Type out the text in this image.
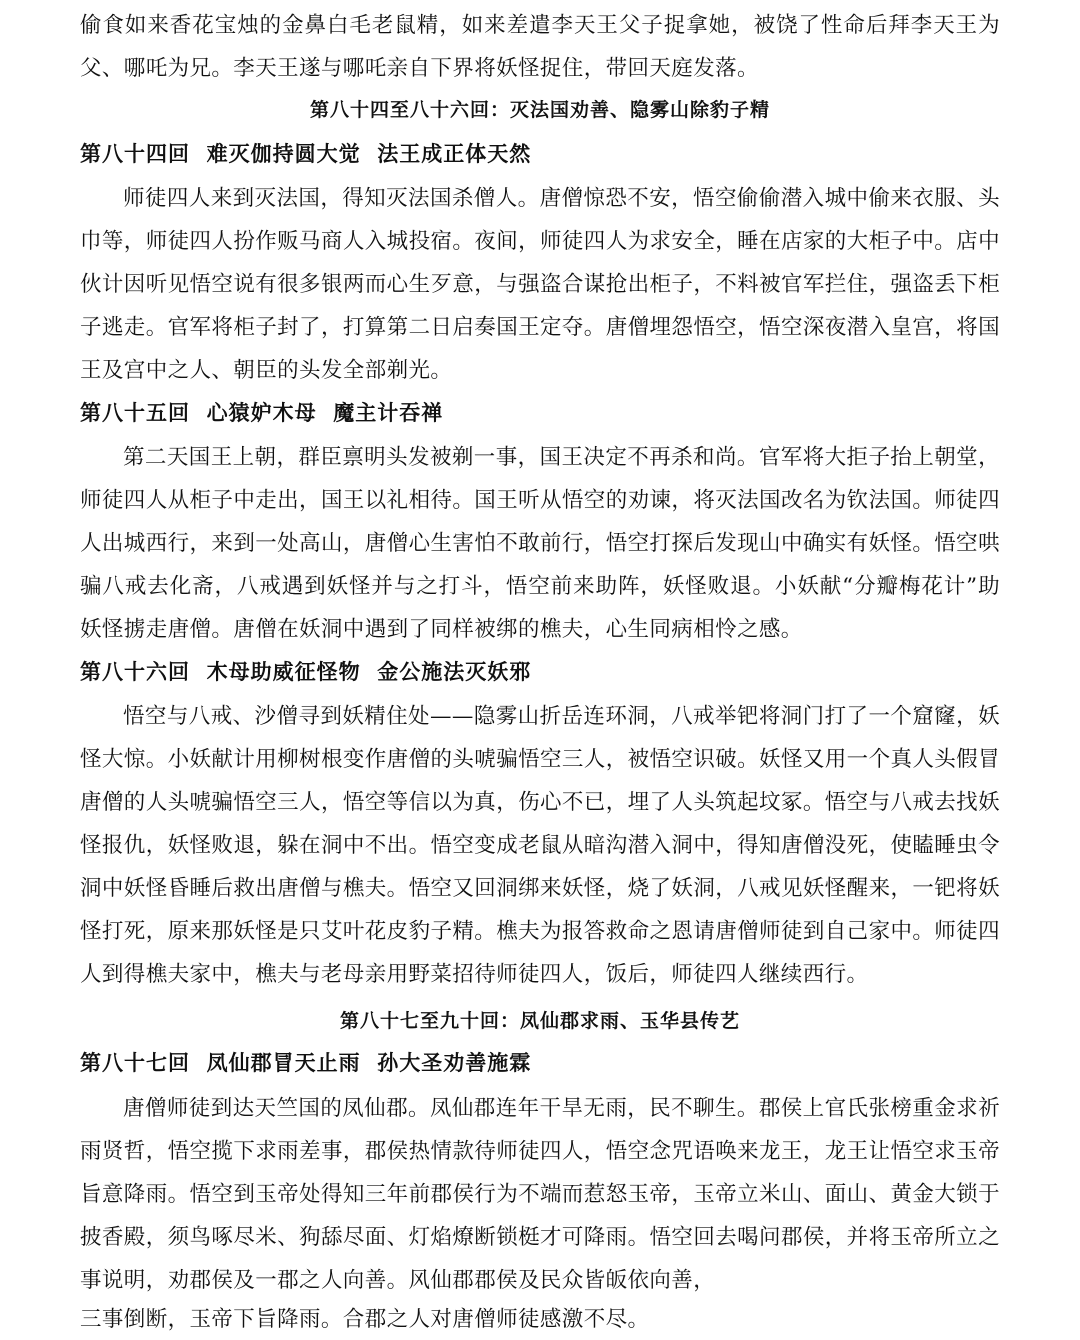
偷食如来香花宝烛的金鼻白毛老鼠精，如来差遣李天王父子捉拿她，被饶了性命后拜李天王为父、哪吒为兄。李天王遂与哪吒亲自下界将妖怪捉住，带回天庭发落。

第八十四至八十六回：灭法国劝善、隐雾山除豹子精
第八十四回  难灭伽持圆大觉  法王成正体天然

师徒四人来到灭法国，得知灭法国杀僧人。唐僧惊恐不安，悟空偷偷潜入城中偷来衣服、头巾等，师徒四人扮作贩马商人入城投宿。夜间，师徒四人为求安全，睡在店家的大柜子中。店中伙计因听见悟空说有很多银两而心生歹意，与强盗合谋抢出柜子，不料被官军拦住，强盗丢下柜子逃走。官军将柜子封了，打算第二日启奏国王定夺。唐僧埋怨悟空，悟空深夜潜入皇宫，将国王及宫中之人、朝臣的头发全部剃光。

第八十五回  心猿妒木母  魔主计吞禅

第二天国王上朝，群臣禀明头发被剃一事，国王决定不再杀和尚。官军将大拒子抬上朝堂，师徒四人从柜子中走出，国王以礼相待。国王听从悟空的劝谏，将灭法国改名为钦法国。师徒四人出城西行，来到一处高山，唐僧心生害怕不敢前行，悟空打探后发现山中确实有妖怪。悟空哄骗八戒去化斋，八戒遇到妖怪并与之打斗，悟空前来助阵，妖怪败退。小妖献“分瓣梅花计”助妖怪掳走唐僧。唐僧在妖洞中遇到了同样被绑的樵夫，心生同病相怜之感。

第八十六回  木母助威征怪物  金公施法灭妖邪

悟空与八戒、沙僧寻到妖精住处——隐雾山折岳连环洞，八戒举钯将洞门打了一个窟窿，妖怪大惊。小妖献计用柳树根变作唐僧的头唬骗悟空三人，被悟空识破。妖怪又用一个真人头假冒唐僧的人头唬骗悟空三人，悟空等信以为真，伤心不已，埋了人头筑起坟冢。悟空与八戒去找妖怪报仇，妖怪败退，躲在洞中不出。悟空变成老鼠从暗沟潜入洞中，得知唐僧没死，使瞌睡虫令洞中妖怪昏睡后救出唐僧与樵夫。悟空又回洞绑来妖怪，烧了妖洞，八戒见妖怪醒来，一钯将妖怪打死，原来那妖怪是只艾叶花皮豹子精。樵夫为报答救命之恩请唐僧师徒到自己家中。师徒四人到得樵夫家中，樵夫与老母亲用野菜招待师徒四人，饭后，师徒四人继续西行。

第八十七至九十回：凤仙郡求雨、玉华县传艺
第八十七回  凤仙郡冒天止雨  孙大圣劝善施霖

唐僧师徒到达天竺国的凤仙郡。凤仙郡连年干旱无雨，民不聊生。郡侯上官氏张榜重金求祈雨贤哲，悟空揽下求雨差事，郡侯热情款待师徒四人，悟空念咒语唤来龙王，龙王让悟空求玉帝旨意降雨。悟空到玉帝处得知三年前郡侯行为不端而惹怒玉帝，玉帝立米山、面山、黄金大锁于披香殿，须鸟啄尽米、狗舔尽面、灯焰燎断锁梃才可降雨。悟空回去喝问郡侯，并将玉帝所立之事说明，劝郡侯及一郡之人向善。风仙郡郡侯及民众皆皈依向善，

三事倒断，玉帝下旨降雨。合郡之人对唐僧师徒感激不尽。
